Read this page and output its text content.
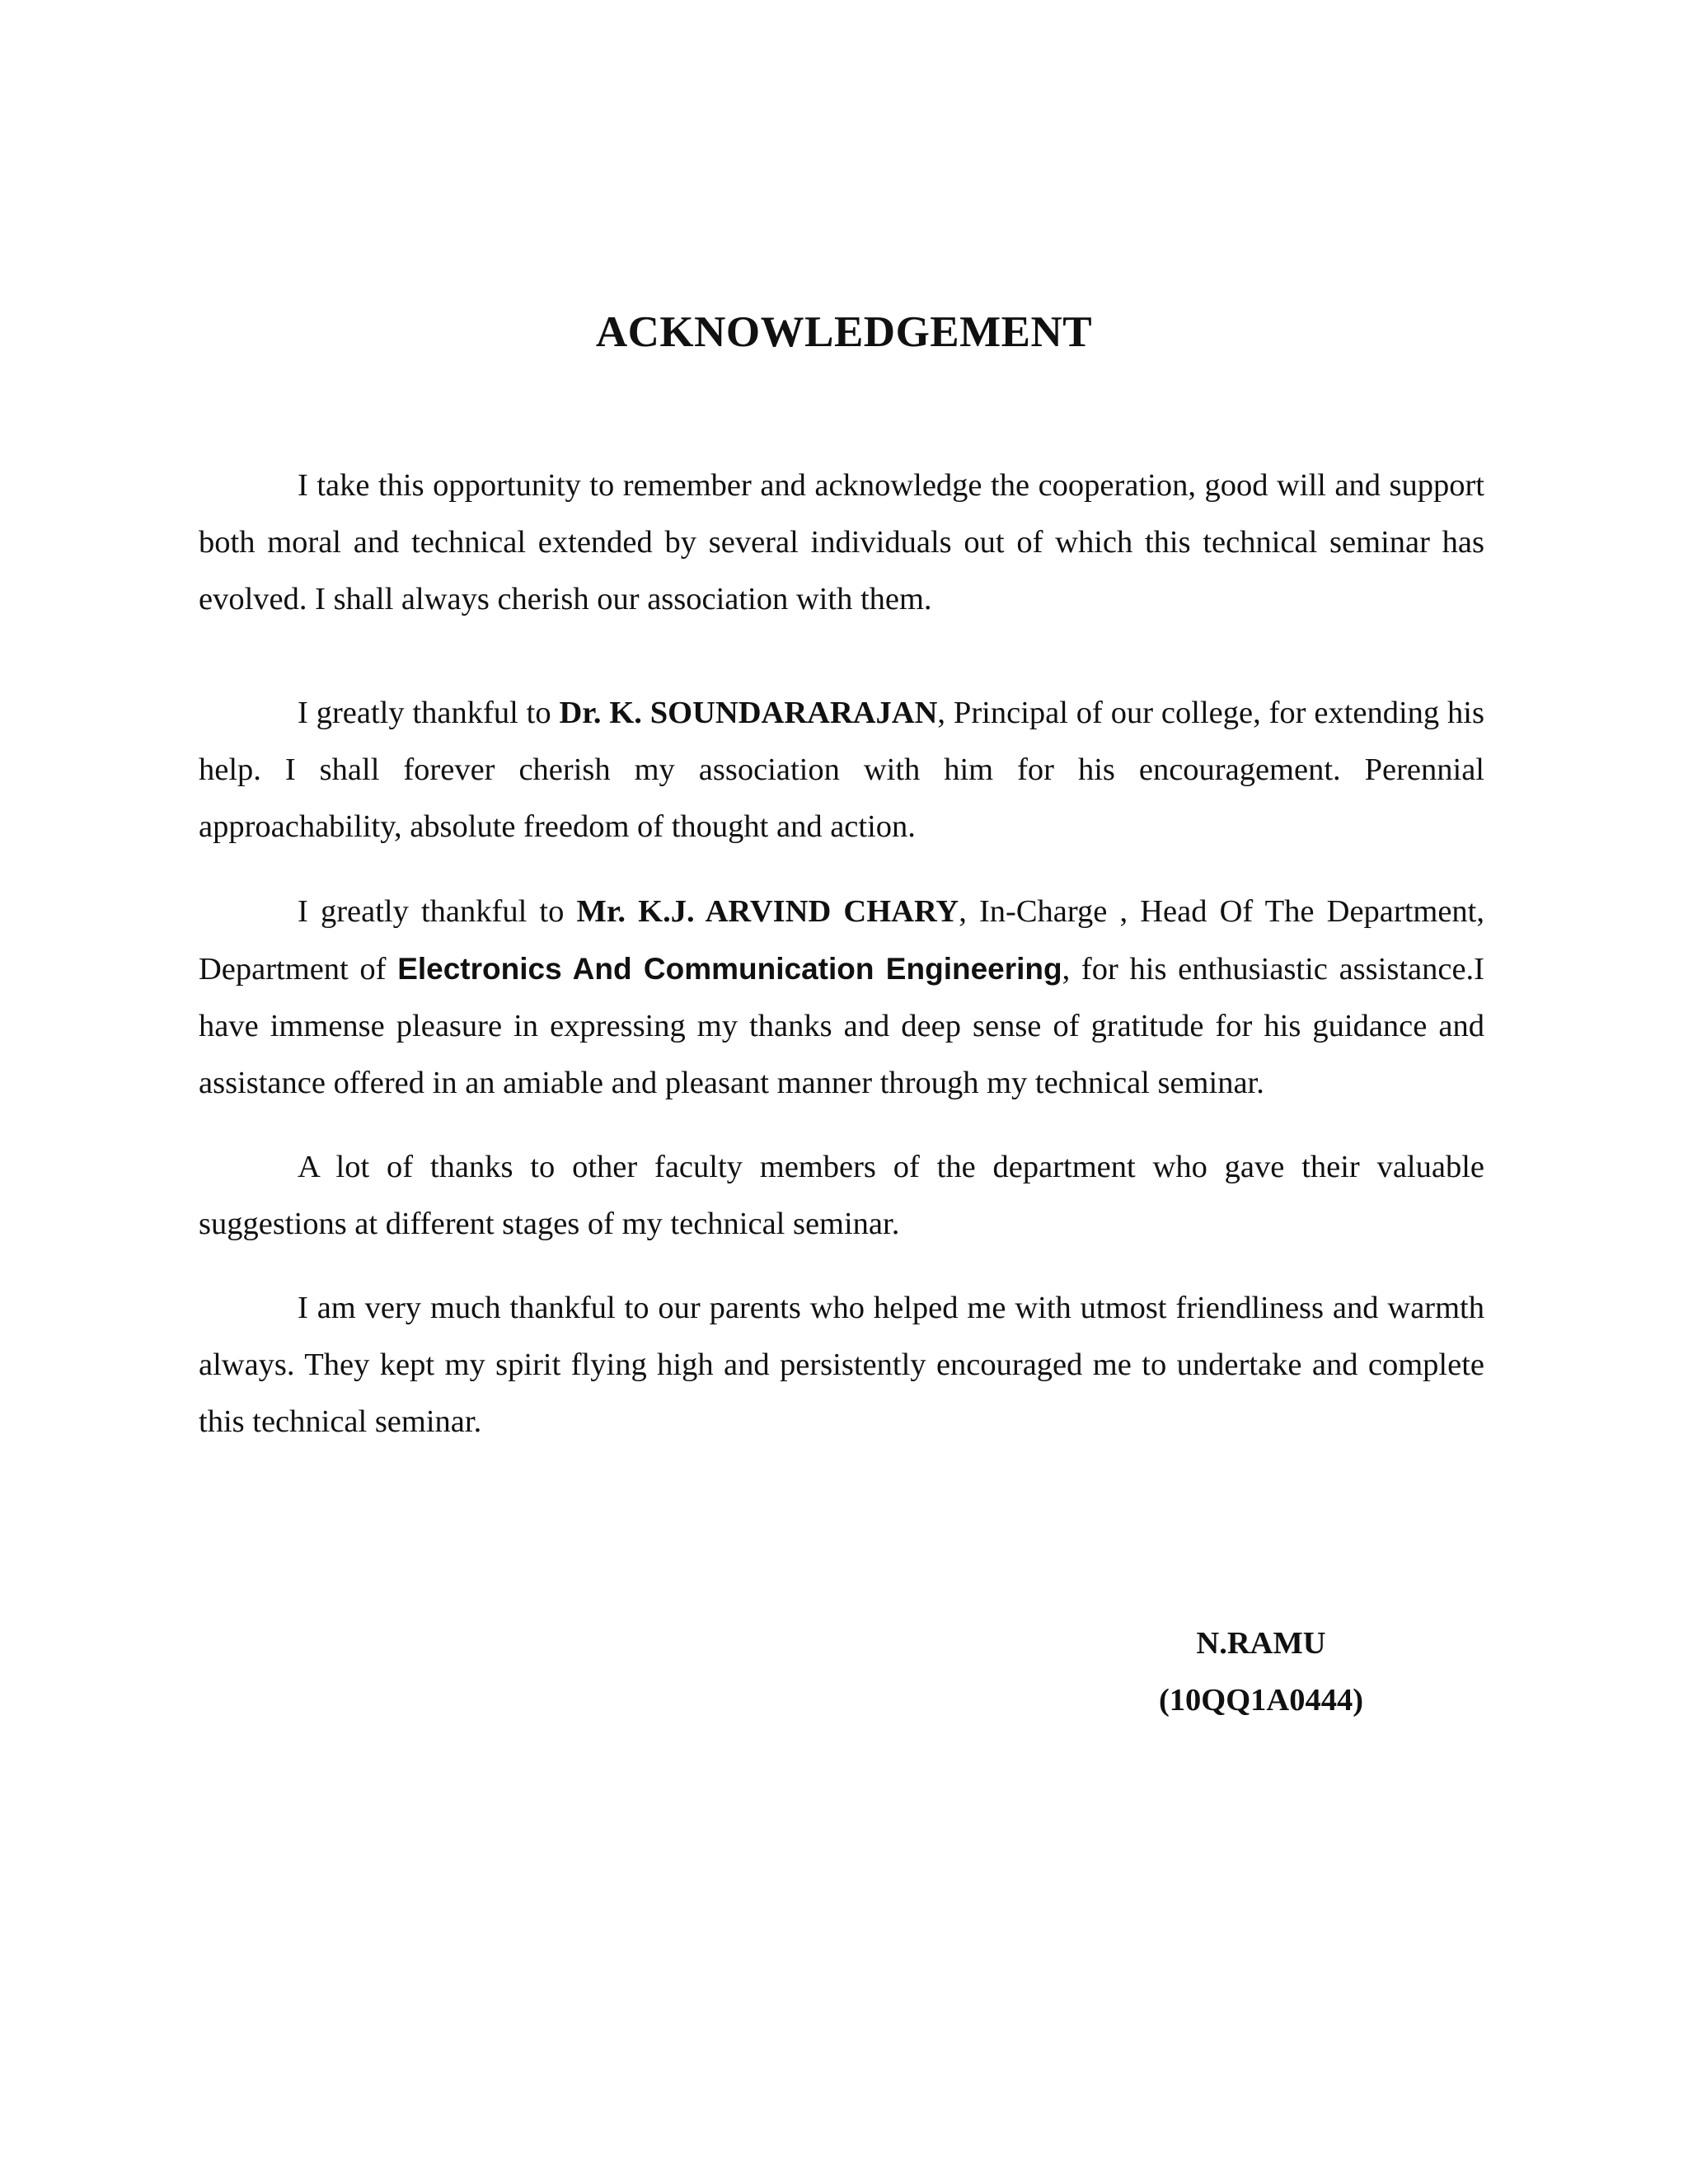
ACKNOWLEDGEMENT

I take this opportunity to remember and acknowledge the cooperation, good will and support both moral and technical extended by several individuals out of which this technical seminar has evolved. I shall always cherish our association with them.

I greatly thankful to Dr. K. SOUNDARARAJAN, Principal of our college, for extending his help. I shall forever cherish my association with him for his encouragement. Perennial approachability, absolute freedom of thought and action.

I greatly thankful to Mr. K.J. ARVIND CHARY, In-Charge , Head Of The Department, Department of Electronics And Communication Engineering, for his enthusiastic assistance.I have immense pleasure in expressing my thanks and deep sense of gratitude for his guidance and assistance offered in an amiable and pleasant manner through my technical seminar.

A lot of thanks to other faculty members of the department who gave their valuable suggestions at different stages of my technical seminar.

I am very much thankful to our parents who helped me with utmost friendliness and warmth always. They kept my spirit flying high and persistently encouraged me to undertake and complete this technical seminar.

N.RAMU

(10QQ1A0444)
